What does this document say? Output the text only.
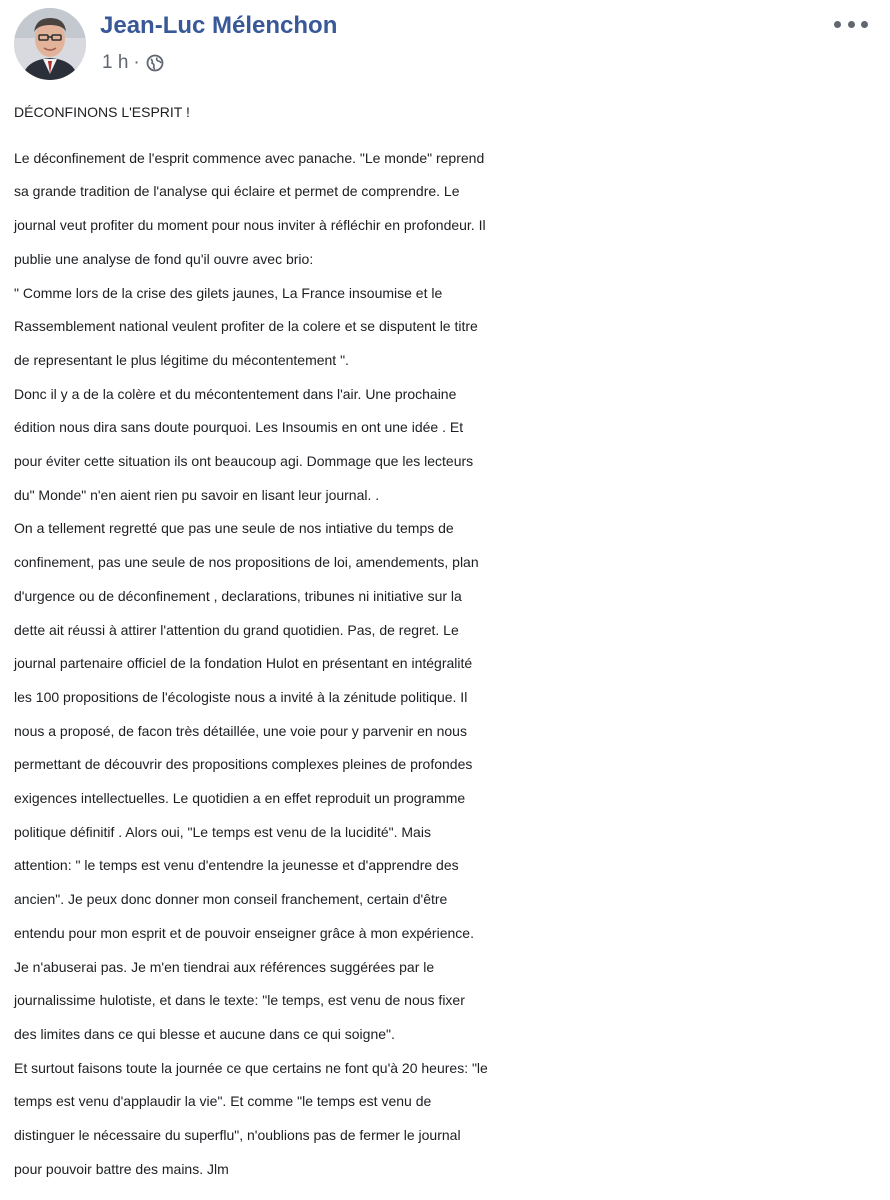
Jean-Luc Mélenchon
1 h ·

DÉCONFINONS L'ESPRIT !

Le déconfinement de l'esprit commence avec panache. "Le monde" reprend

sa grande tradition de l'analyse qui éclaire et permet de comprendre. Le

journal veut profiter du moment pour nous inviter à réfléchir en profondeur. Il

publie une analyse de fond qu'il ouvre avec brio:

" Comme lors de la crise des gilets jaunes, La France insoumise et le

Rassemblement national veulent profiter de la colere et se disputent le titre

de representant le plus légitime du mécontentement ".

Donc il y a de la colère et du mécontentement dans l'air. Une prochaine

édition nous dira sans doute pourquoi. Les Insoumis en ont une idée . Et

pour éviter cette situation ils ont beaucoup agi. Dommage que les lecteurs

du" Monde" n'en aient rien pu savoir en lisant leur journal. .

On a tellement regretté que pas une seule de nos intiative du temps de

confinement, pas une seule de nos propositions de loi, amendements, plan

d'urgence ou de déconfinement , declarations, tribunes ni initiative sur la

dette ait réussi à attirer l'attention du grand quotidien. Pas, de regret. Le

journal partenaire officiel de la fondation Hulot en présentant en intégralité

les 100 propositions de l'écologiste nous a invité à la zénitude politique. Il

nous a proposé, de facon très détaillée, une voie pour y parvenir en nous

permettant de découvrir des propositions complexes pleines de profondes

exigences intellectuelles. Le quotidien a en effet reproduit un programme

politique définitif . Alors oui, "Le temps est venu de la lucidité". Mais

attention: " le temps est venu d'entendre la jeunesse et d'apprendre des

ancien". Je peux donc donner mon conseil franchement, certain d'être

entendu pour mon esprit et de pouvoir enseigner grâce à mon expérience.

Je n'abuserai pas. Je m'en tiendrai aux références suggérées par le

journalissime hulotiste, et dans le texte: "le temps, est venu de nous fixer

des limites dans ce qui blesse et aucune dans ce qui soigne".

Et surtout faisons toute la journée ce que certains ne font qu'à 20 heures: "le

temps est venu d'applaudir la vie". Et comme "le temps est venu de

distinguer le nécessaire du superflu", n'oublions pas de fermer le journal

pour pouvoir battre des mains. Jlm
